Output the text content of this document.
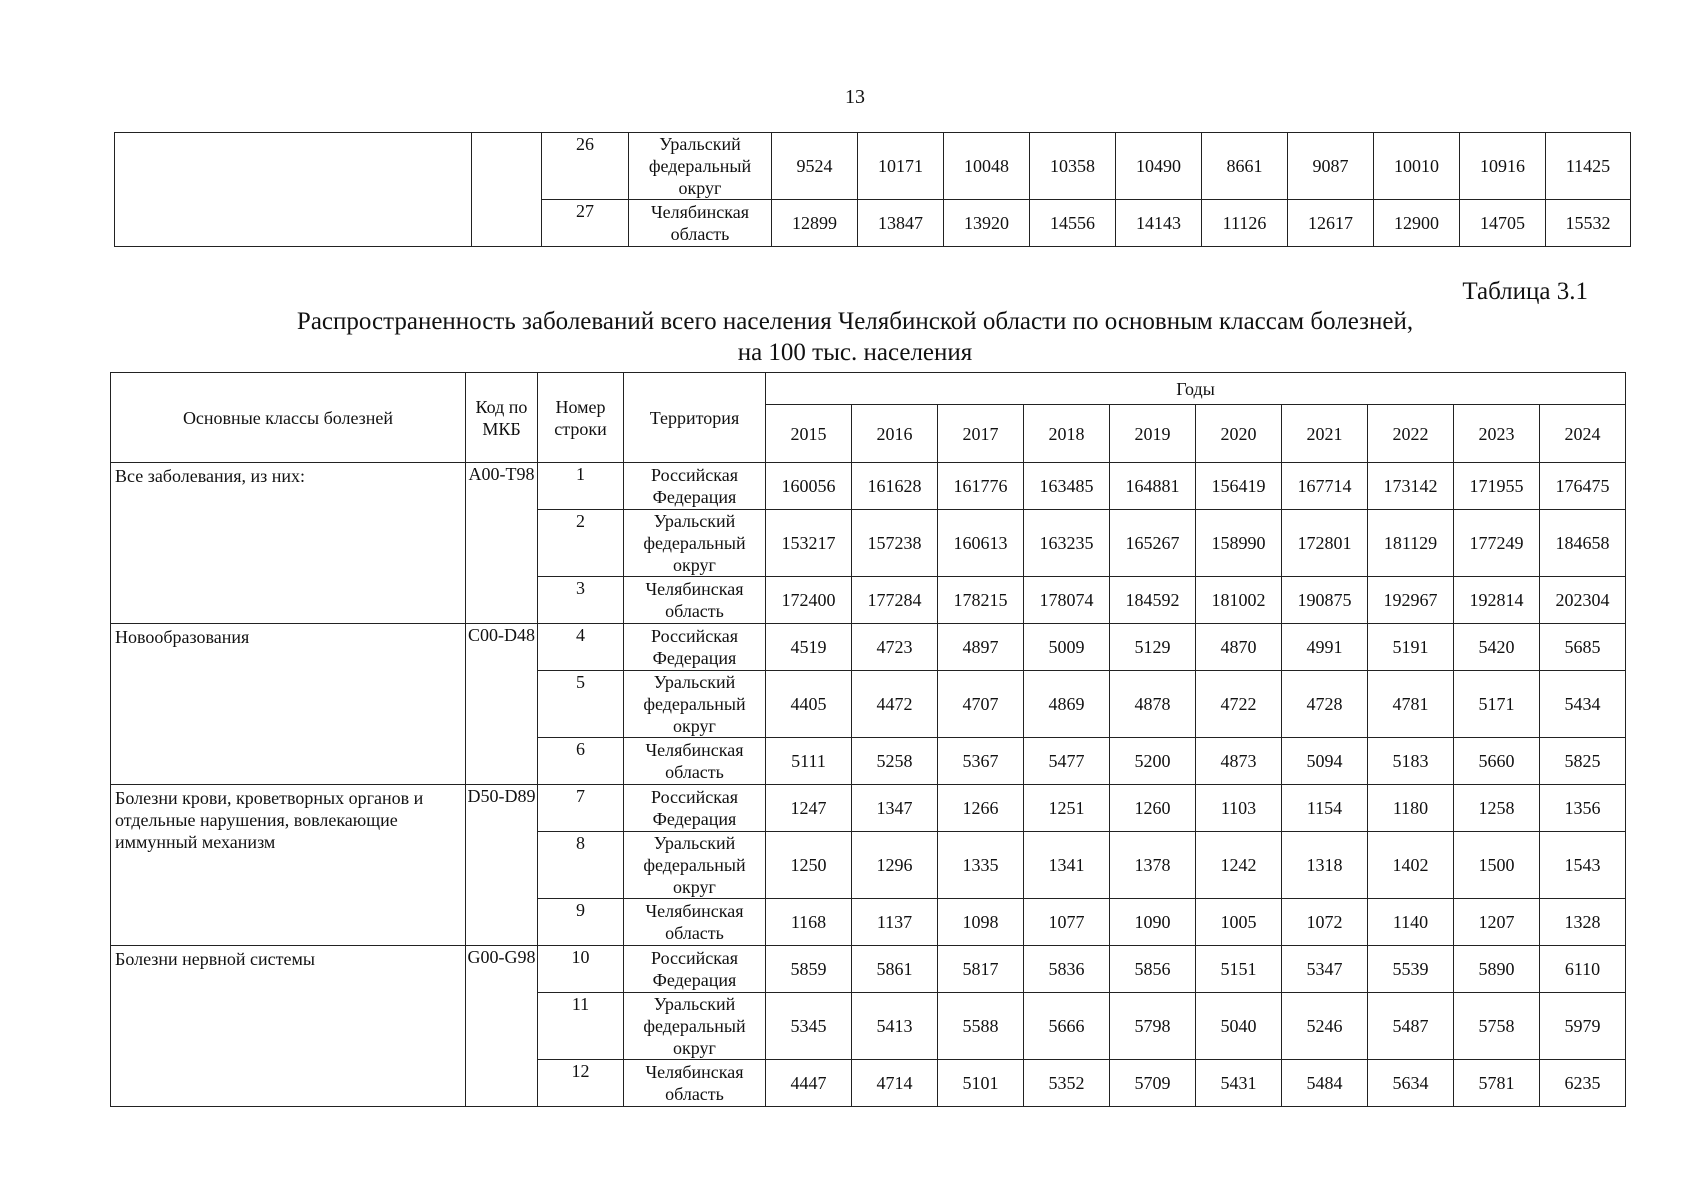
13
		26	Уральский федеральный округ	9524	10171	10048	10358	10490	8661	9087	10010	10916	11425
		27	Челябинская область	12899	13847	13920	14556	14143	11126	12617	12900	14705	15532
Таблица 3.1
Распространенность заболеваний всего населения Челябинской области по основным классам болезней,
на 100 тыс. населения
Основные классы болезней	Код по МКБ	Номер строки	Территория	Годы									
				2015	2016	2017	2018	2019	2020	2021	2022	2023	2024
Все заболевания, из них:	A00-T98	1	Российская Федерация	160056	161628	161776	163485	164881	156419	167714	173142	171955	176475
		2	Уральский федеральный округ	153217	157238	160613	163235	165267	158990	172801	181129	177249	184658
		3	Челябинская область	172400	177284	178215	178074	184592	181002	190875	192967	192814	202304
Новообразования	C00-D48	4	Российская Федерация	4519	4723	4897	5009	5129	4870	4991	5191	5420	5685
		5	Уральский федеральный округ	4405	4472	4707	4869	4878	4722	4728	4781	5171	5434
		6	Челябинская область	5111	5258	5367	5477	5200	4873	5094	5183	5660	5825
Болезни крови, кроветворных органов и отдельные нарушения, вовлекающие иммунный механизм	D50-D89	7	Российская Федерация	1247	1347	1266	1251	1260	1103	1154	1180	1258	1356
		8	Уральский федеральный округ	1250	1296	1335	1341	1378	1242	1318	1402	1500	1543
		9	Челябинская область	1168	1137	1098	1077	1090	1005	1072	1140	1207	1328
Болезни нервной системы	G00-G98	10	Российская Федерация	5859	5861	5817	5836	5856	5151	5347	5539	5890	6110
		11	Уральский федеральный округ	5345	5413	5588	5666	5798	5040	5246	5487	5758	5979
		12	Челябинская область	4447	4714	5101	5352	5709	5431	5484	5634	5781	6235
